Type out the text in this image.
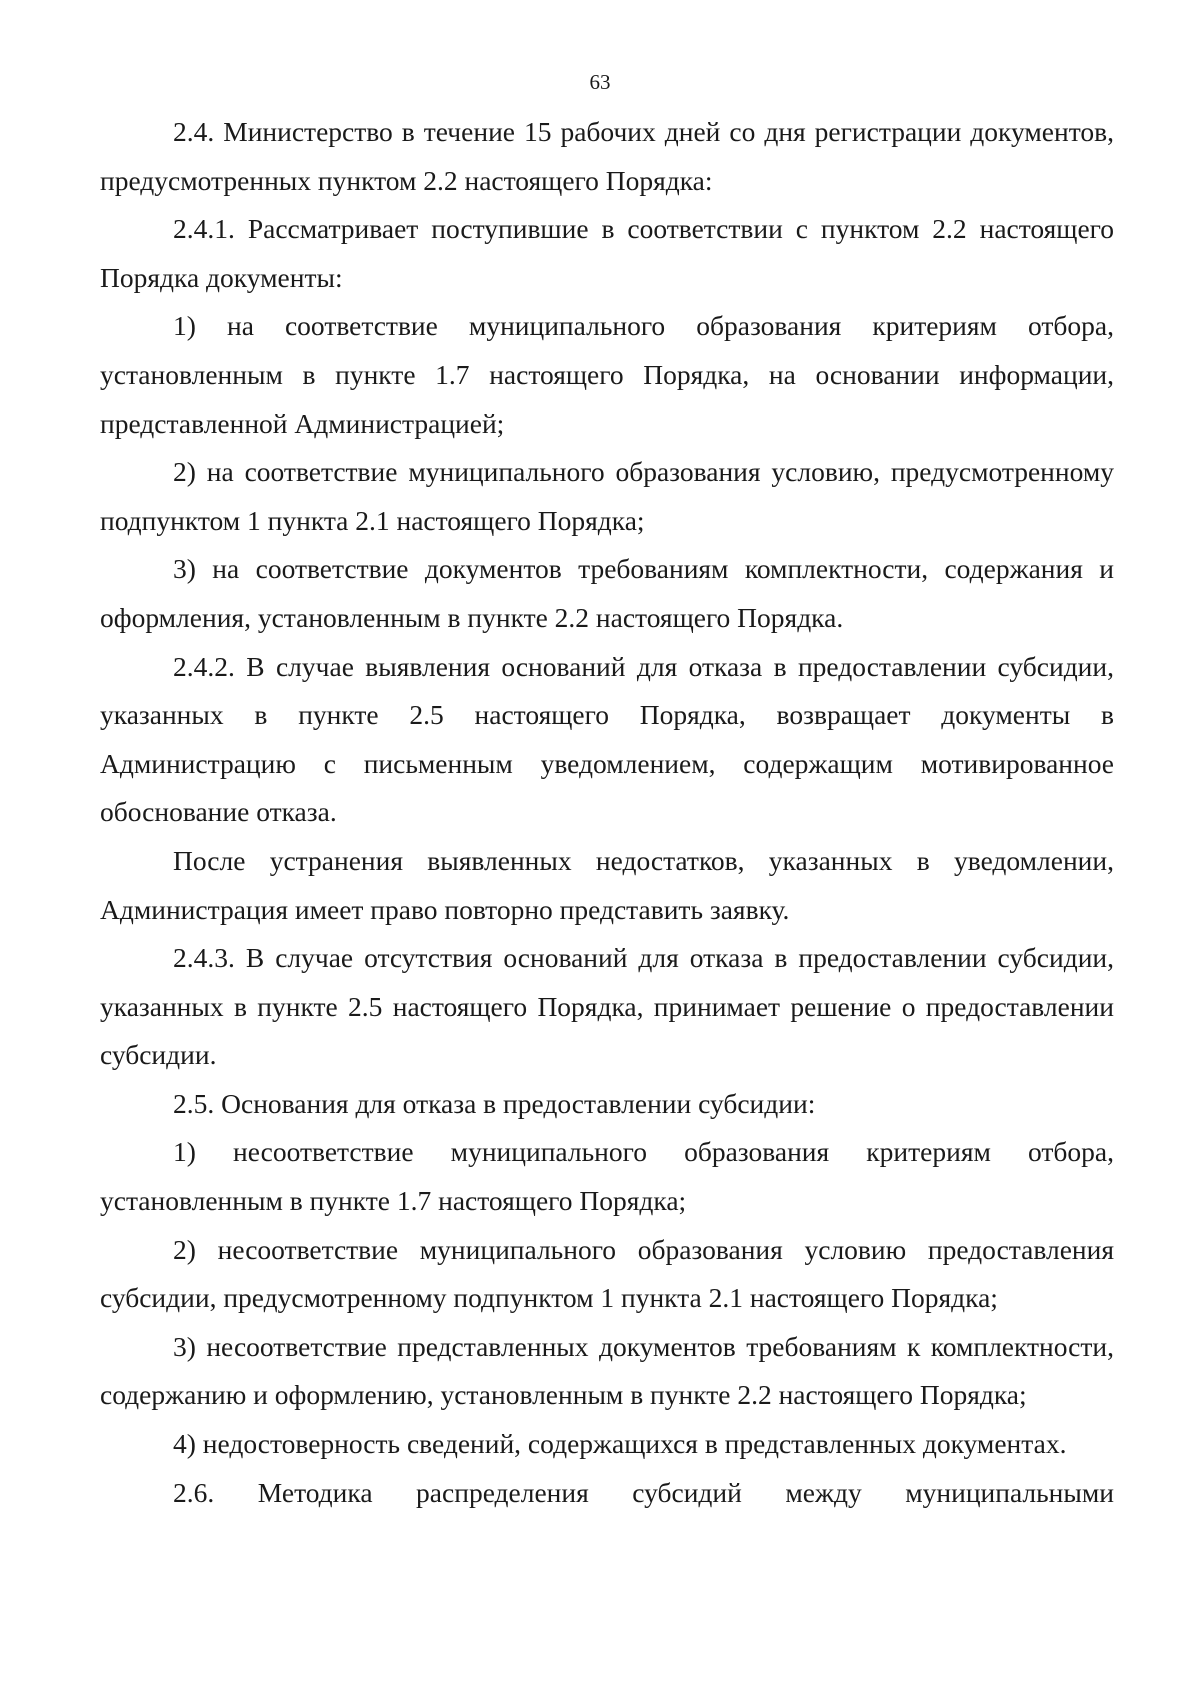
63

2.4. Министерство в течение 15 рабочих дней со дня регистрации документов, предусмотренных пунктом 2.2 настоящего Порядка:

2.4.1. Рассматривает поступившие в соответствии с пунктом 2.2 настоящего Порядка документы:

1) на соответствие муниципального образования критериям отбора, установленным в пункте 1.7 настоящего Порядка, на основании информации, представленной Администрацией;

2) на соответствие муниципального образования условию, предусмотренному подпунктом 1 пункта 2.1 настоящего Порядка;

3) на соответствие документов требованиям комплектности, содержания и оформления, установленным в пункте 2.2 настоящего Порядка.

2.4.2. В случае выявления оснований для отказа в предоставлении субсидии, указанных в пункте 2.5 настоящего Порядка, возвращает документы в Администрацию с письменным уведомлением, содержащим мотивированное обоснование отказа.

После устранения выявленных недостатков, указанных в уведомлении, Администрация имеет право повторно представить заявку.

2.4.3. В случае отсутствия оснований для отказа в предоставлении субсидии, указанных в пункте 2.5 настоящего Порядка, принимает решение о предоставлении субсидии.

2.5. Основания для отказа в предоставлении субсидии:

1) несоответствие муниципального образования критериям отбора, установленным в пункте 1.7 настоящего Порядка;

2) несоответствие муниципального образования условию предоставления субсидии, предусмотренному подпунктом 1 пункта 2.1 настоящего Порядка;

3) несоответствие представленных документов требованиям к комплектности, содержанию и оформлению, установленным в пункте 2.2 настоящего Порядка;

4) недостоверность сведений, содержащихся в представленных документах.

2.6. Методика распределения субсидий между муниципальными
